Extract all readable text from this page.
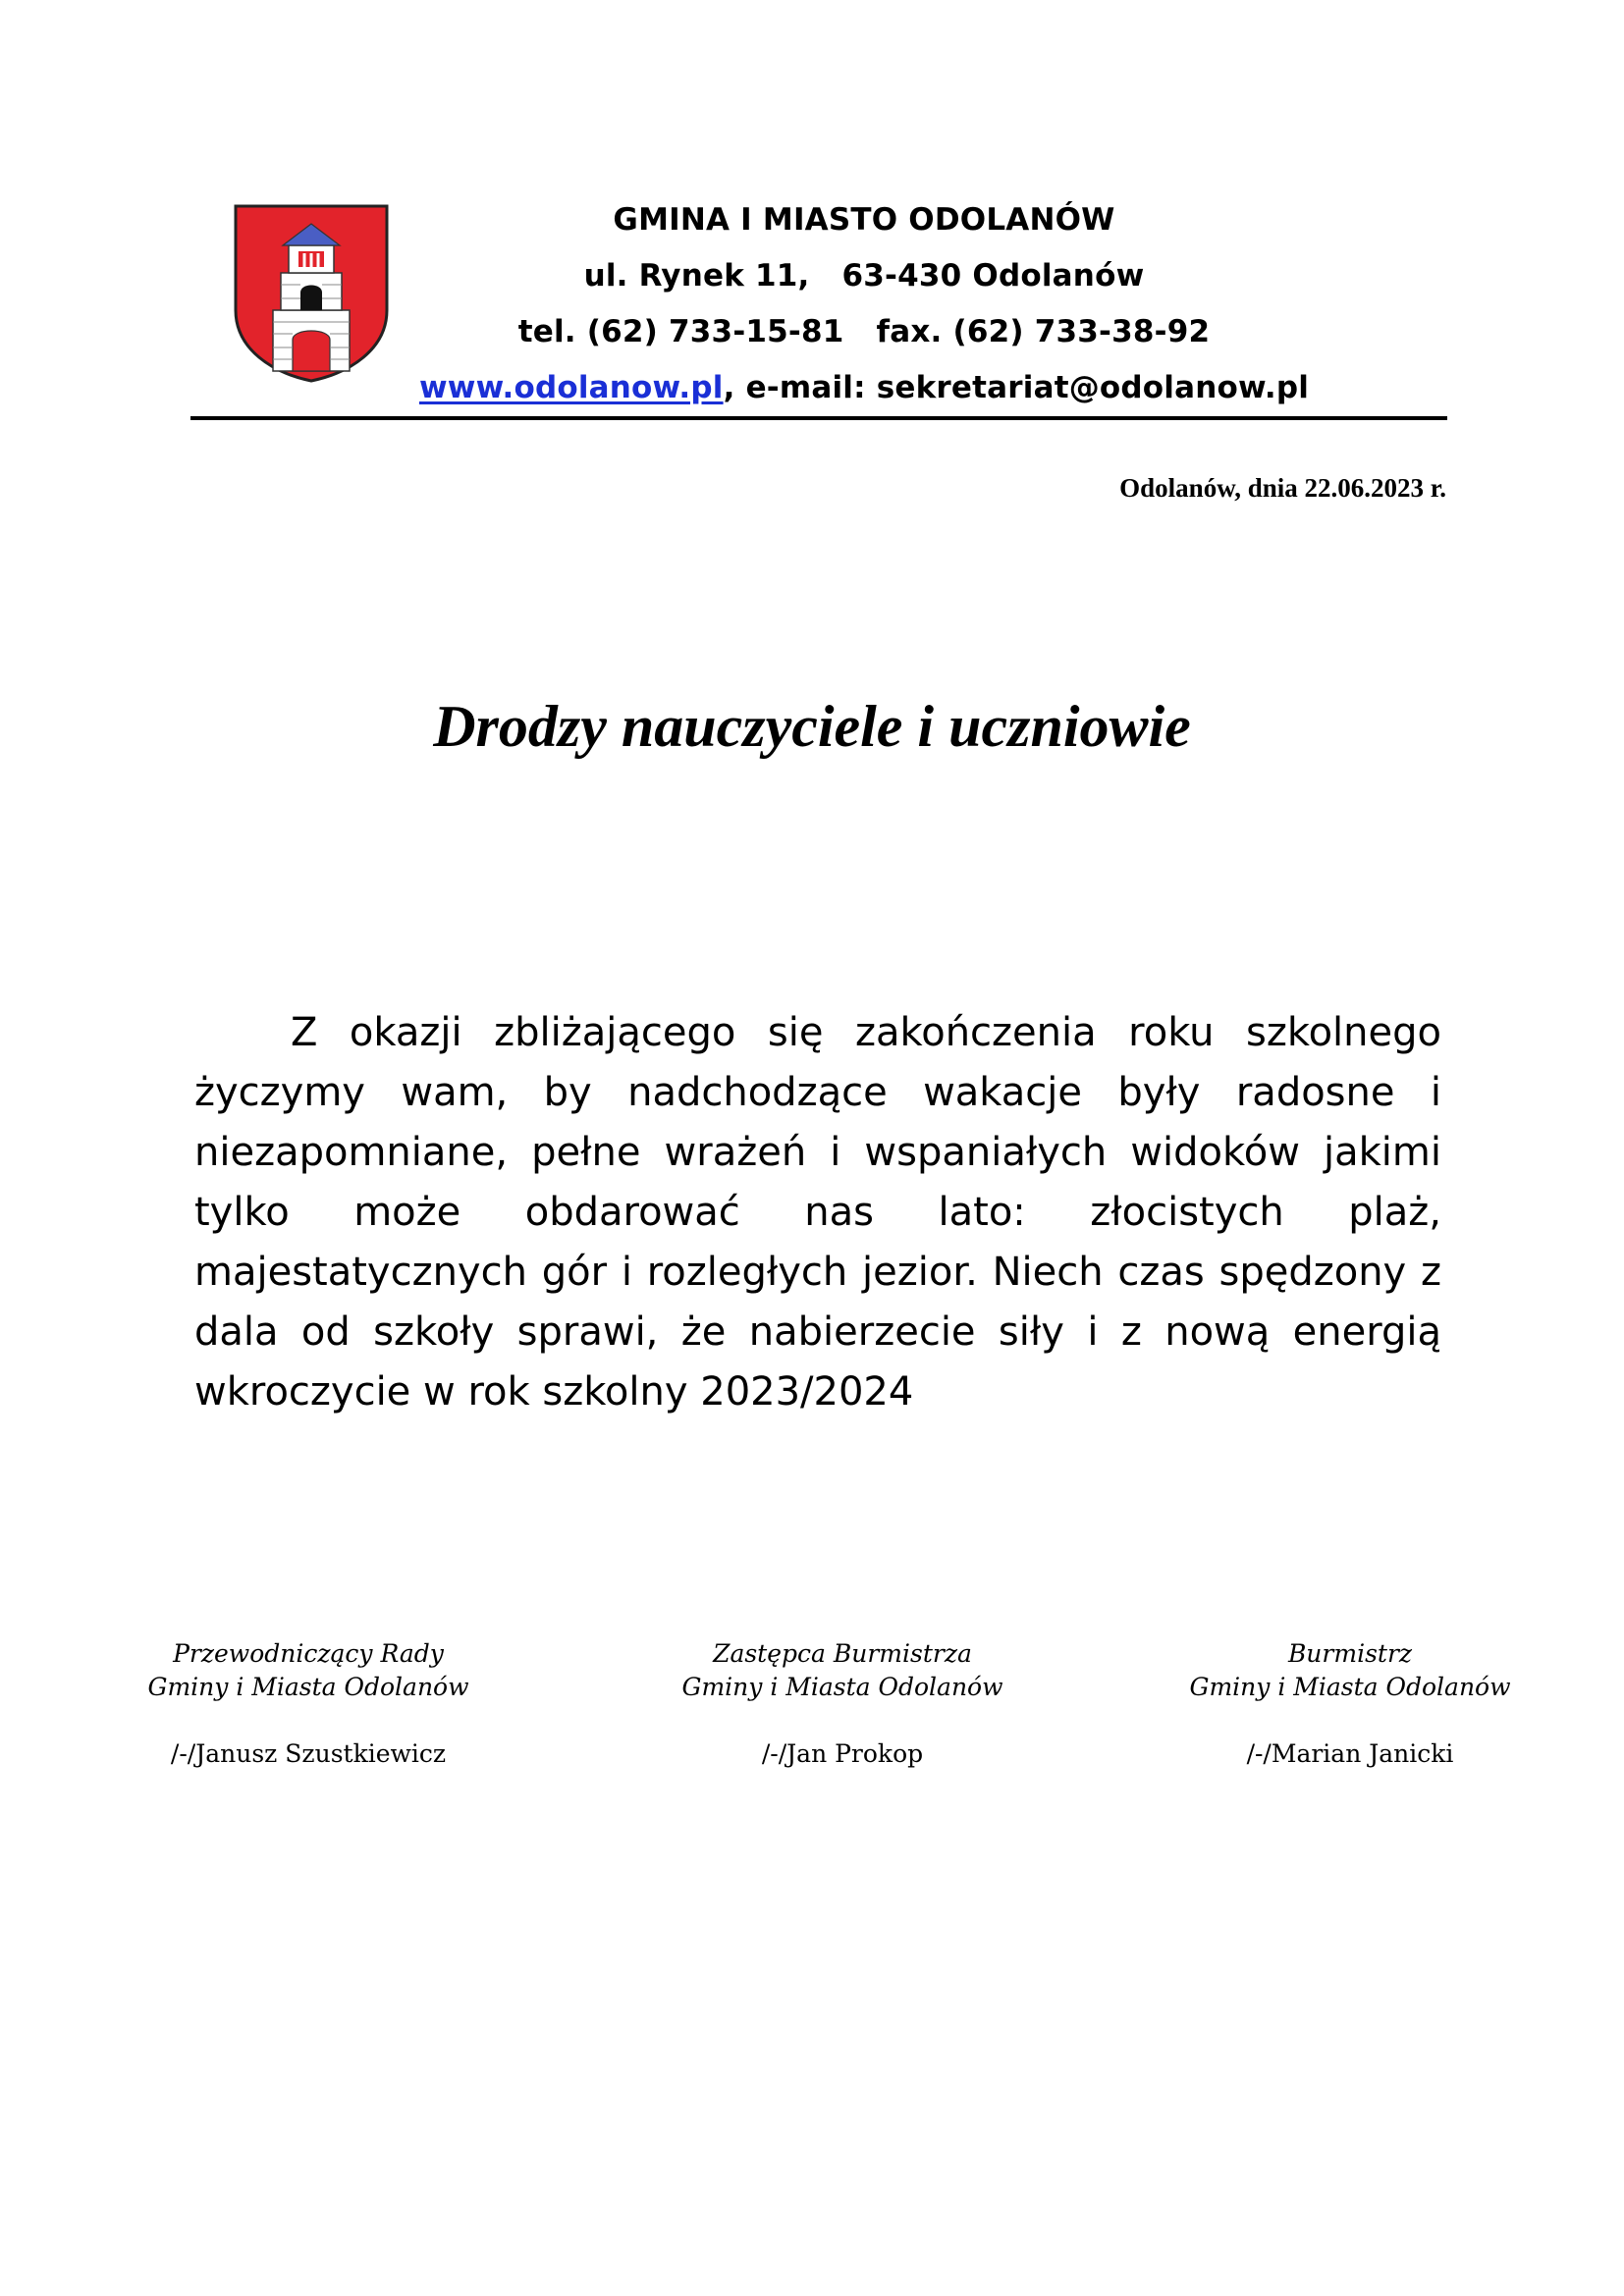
GMINA I MIASTO ODOLANÓW
ul. Rynek 11,   63-430 Odolanów
tel. (62) 733-15-81   fax. (62) 733-38-92
www.odolanow.pl, e-mail: sekretariat@odolanow.pl
Odolanów, dnia 22.06.2023 r.
Drodzy nauczyciele i uczniowie

Z okazji zbliżającego się zakończenia roku szkolnego życzymy wam, by nadchodzące wakacje były radosne i niezapomniane, pełne wrażeń i wspaniałych widoków jakimi tylko może obdarować nas lato: złocistych plaż, majestatycznych gór i rozległych jezior. Niech czas spędzony z dala od szkoły sprawi, że nabierzecie siły i z nową energią wkroczycie w rok szkolny 2023/2024

Przewodniczący Rady
Gminy i Miasta Odolanów
/-/Janusz Szustkiewicz
Zastępca Burmistrza
Gminy i Miasta Odolanów
/-/Jan Prokop
Burmistrz
Gminy i Miasta Odolanów
/-/Marian Janicki
